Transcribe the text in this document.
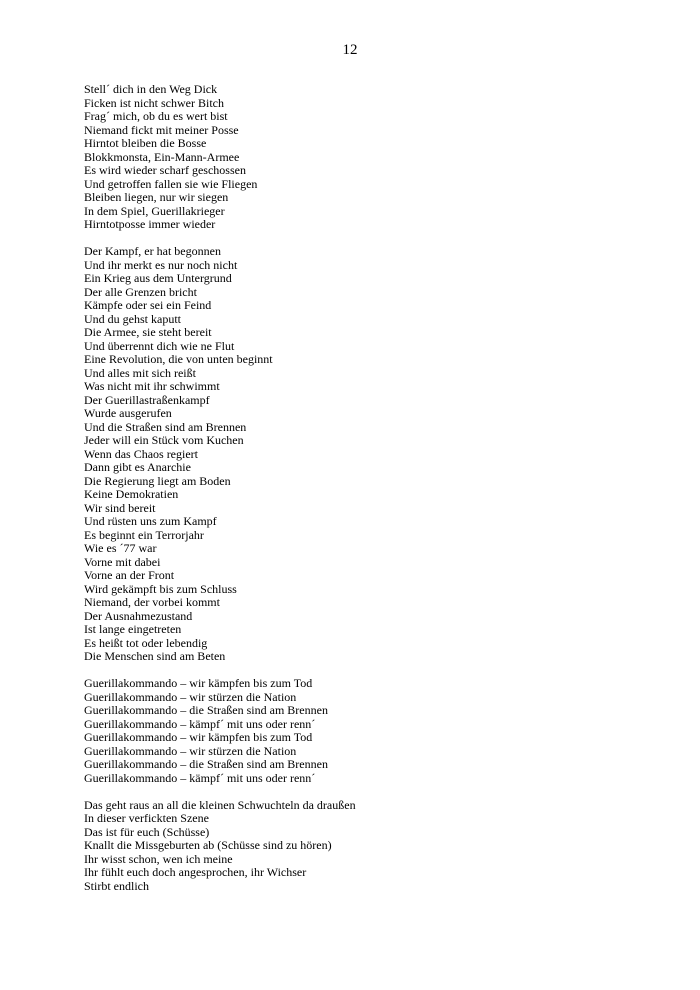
12
Stell´ dich in den Weg Dick
Ficken ist nicht schwer Bitch
Frag´ mich, ob du es wert bist
Niemand fickt mit meiner Posse
Hirntot bleiben die Bosse
Blokkmonsta, Ein-Mann-Armee
Es wird wieder scharf geschossen
Und getroffen fallen sie wie Fliegen
Bleiben liegen, nur wir siegen
In dem Spiel, Guerillakrieger
Hirntotposse immer wieder
Der Kampf, er hat begonnen
Und ihr merkt es nur noch nicht
Ein Krieg aus dem Untergrund
Der alle Grenzen bricht
Kämpfe oder sei ein Feind
Und du gehst kaputt
Die Armee, sie steht bereit
Und überrennt dich wie ne Flut
Eine Revolution, die von unten beginnt
Und alles mit sich reißt
Was nicht mit ihr schwimmt
Der Guerillastraßenkampf
Wurde ausgerufen
Und die Straßen sind am Brennen
Jeder will ein Stück vom Kuchen
Wenn das Chaos regiert
Dann gibt es Anarchie
Die Regierung liegt am Boden
Keine Demokratien
Wir sind bereit
Und rüsten uns zum Kampf
Es beginnt ein Terrorjahr
Wie es ´77 war
Vorne mit dabei
Vorne an der Front
Wird gekämpft bis zum Schluss
Niemand, der vorbei kommt
Der Ausnahmezustand
Ist lange eingetreten
Es heißt tot oder lebendig
Die Menschen sind am Beten
Guerillakommando – wir kämpfen bis zum Tod
Guerillakommando – wir stürzen die Nation
Guerillakommando – die Straßen sind am Brennen
Guerillakommando – kämpf´ mit uns oder renn´
Guerillakommando – wir kämpfen bis zum Tod
Guerillakommando – wir stürzen die Nation
Guerillakommando – die Straßen sind am Brennen
Guerillakommando – kämpf´ mit uns oder renn´
Das geht raus an all die kleinen Schwuchteln da draußen
In dieser verfickten Szene
Das ist für euch (Schüsse)
Knallt die Missgeburten ab (Schüsse sind zu hören)
Ihr wisst schon, wen ich meine
Ihr fühlt euch doch angesprochen, ihr Wichser
Stirbt endlich
